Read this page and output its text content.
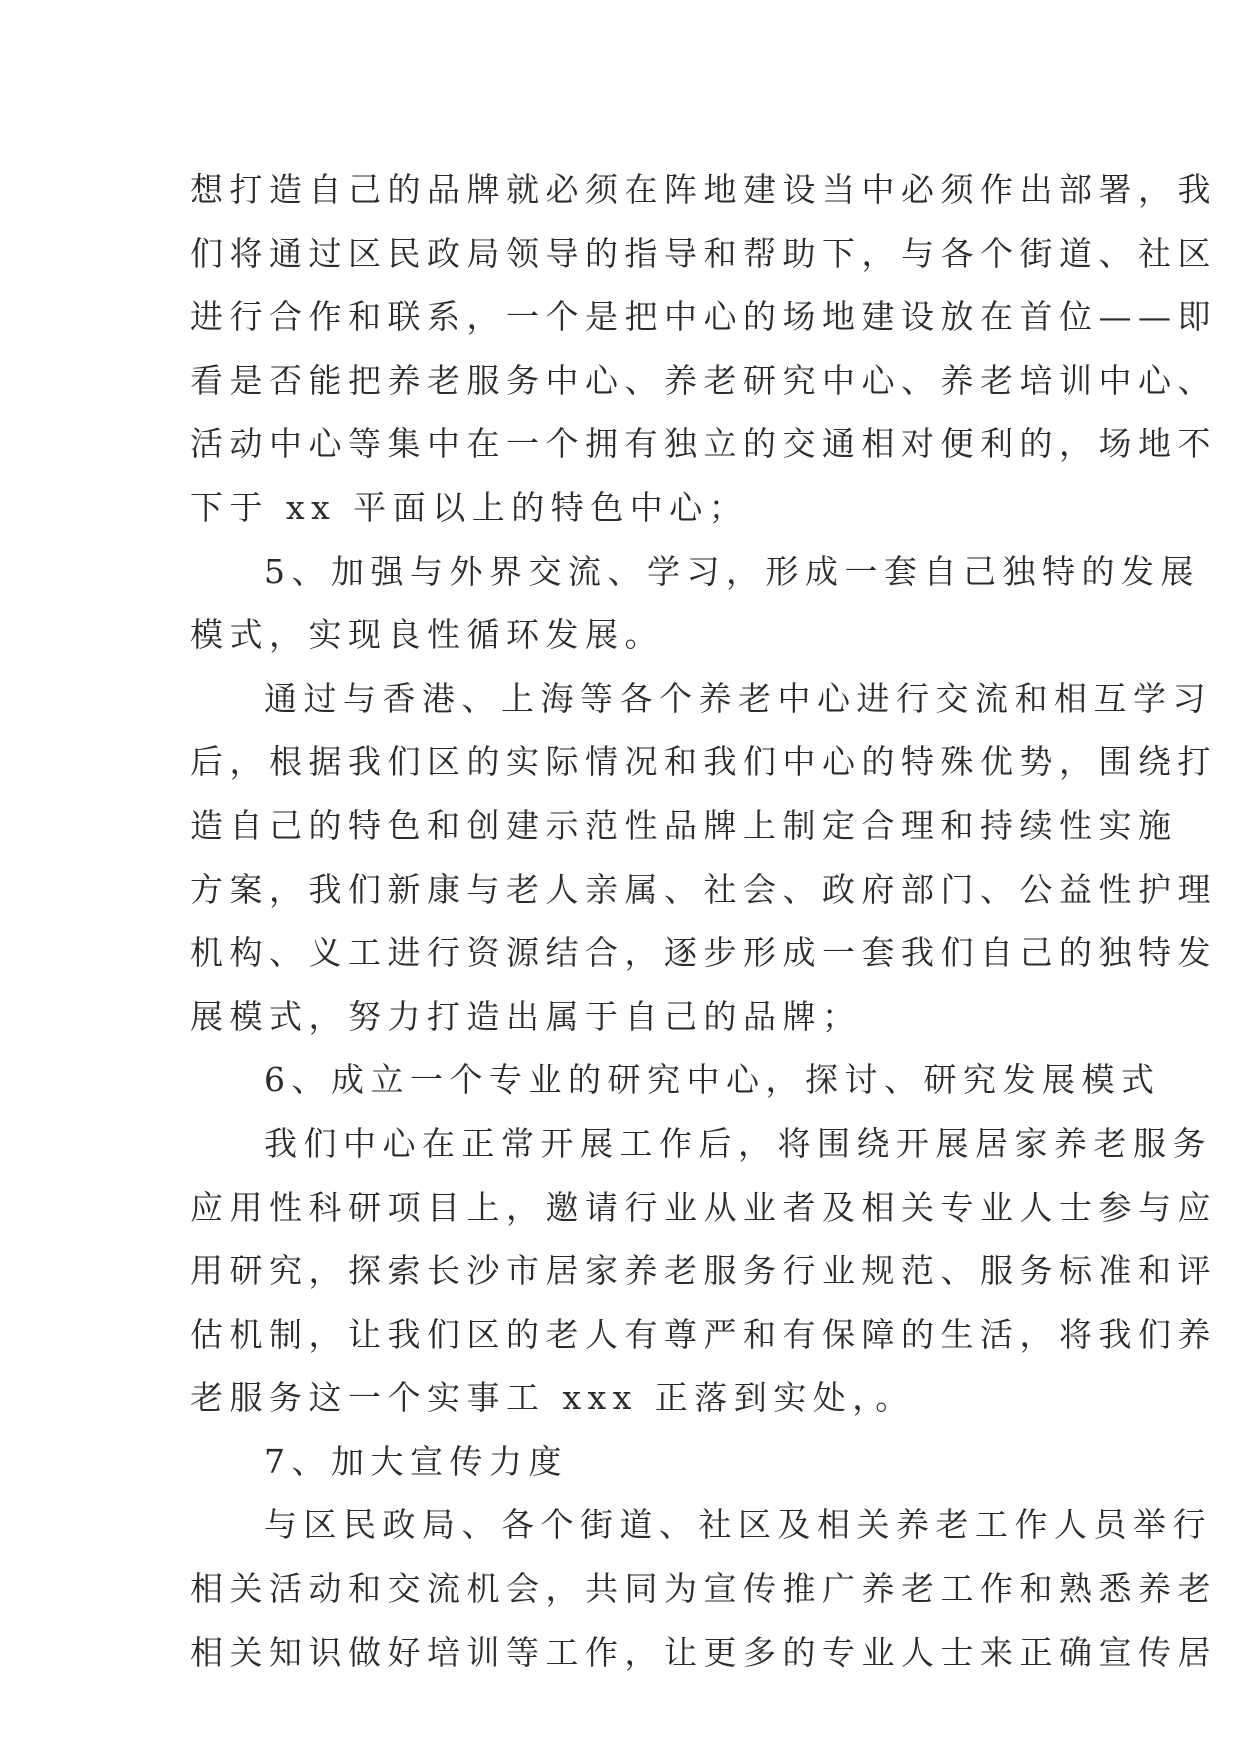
想打造自己的品牌就必须在阵地建设当中必须作出部署，我
们将通过区民政局领导的指导和帮助下，与各个街道、社区
进行合作和联系，一个是把中心的场地建设放在首位——即
看是否能把养老服务中心、养老研究中心、养老培训中心、
活动中心等集中在一个拥有独立的交通相对便利的，场地不
下于 xx 平面以上的特色中心；
5、加强与外界交流、学习，形成一套自己独特的发展
模式，实现良性循环发展。
通过与香港、上海等各个养老中心进行交流和相互学习
后，根据我们区的实际情况和我们中心的特殊优势，围绕打
造自己的特色和创建示范性品牌上制定合理和持续性实施
方案，我们新康与老人亲属、社会、政府部门、公益性护理
机构、义工进行资源结合，逐步形成一套我们自己的独特发
展模式，努力打造出属于自己的品牌；
6、成立一个专业的研究中心，探讨、研究发展模式
我们中心在正常开展工作后，将围绕开展居家养老服务
应用性科研项目上，邀请行业从业者及相关专业人士参与应
用研究，探索长沙市居家养老服务行业规范、服务标准和评
估机制，让我们区的老人有尊严和有保障的生活，将我们养
老服务这一个实事工 xxx 正落到实处，。
7、加大宣传力度
与区民政局、各个街道、社区及相关养老工作人员举行
相关活动和交流机会，共同为宣传推广养老工作和熟悉养老
相关知识做好培训等工作，让更多的专业人士来正确宣传居
